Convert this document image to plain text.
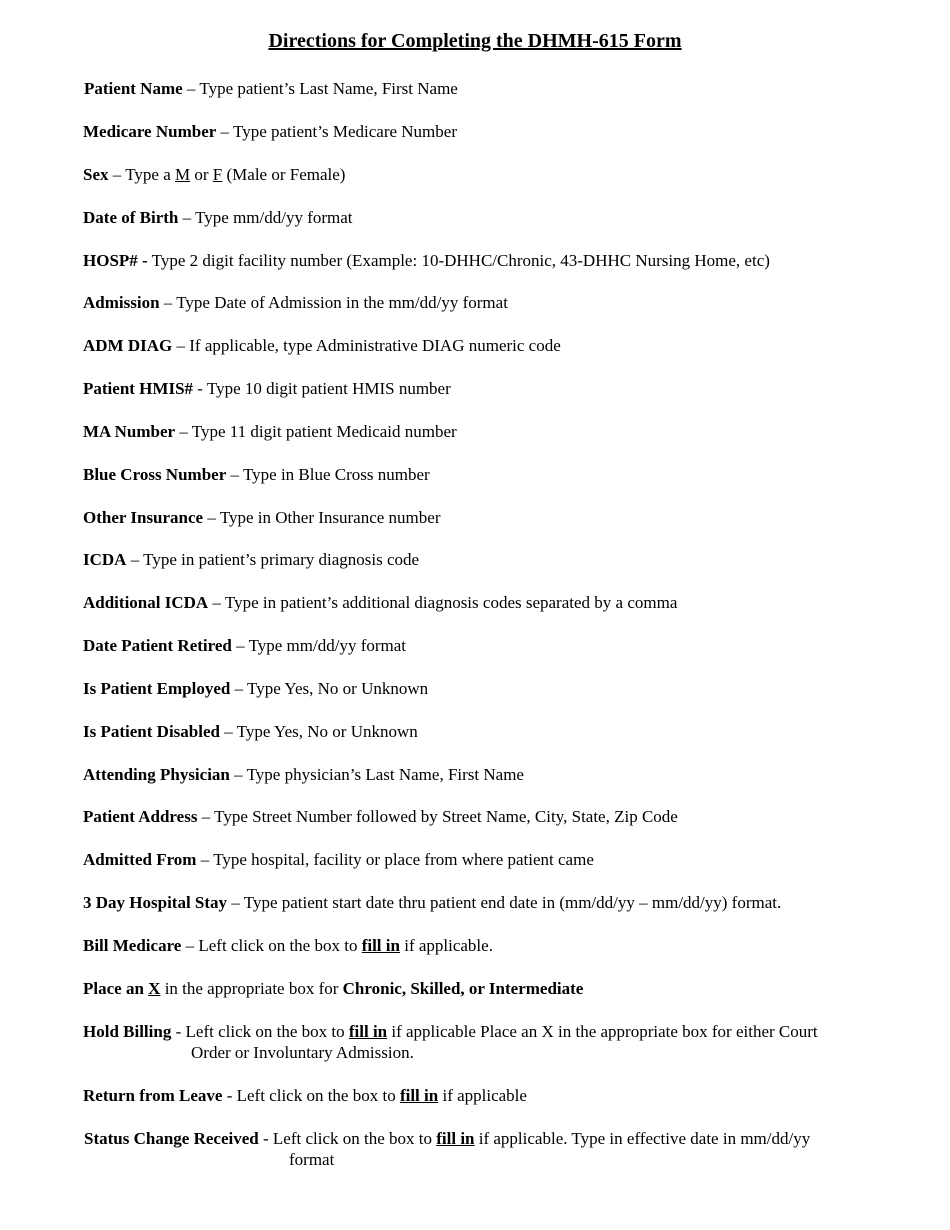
Directions for Completing the DHMH-615 Form

Patient Name – Type patient’s Last Name, First Name

Medicare Number – Type patient’s Medicare Number

Sex – Type a M or F (Male or Female)

Date of Birth – Type mm/dd/yy format

HOSP# - Type 2 digit facility number (Example: 10-DHHC/Chronic, 43-DHHC Nursing Home, etc)

Admission – Type Date of Admission in the mm/dd/yy format

ADM DIAG – If applicable, type Administrative DIAG numeric code

Patient HMIS# - Type 10 digit patient HMIS number

MA Number – Type 11 digit patient Medicaid number

Blue Cross Number – Type in Blue Cross number

Other Insurance – Type in Other Insurance number

ICDA – Type in patient’s primary diagnosis code

Additional ICDA – Type in patient’s additional diagnosis codes separated by a comma

Date Patient Retired – Type mm/dd/yy format

Is Patient Employed – Type Yes, No or Unknown

Is Patient Disabled – Type Yes, No or Unknown

Attending Physician – Type physician’s Last Name, First Name

Patient Address – Type Street Number followed by Street Name, City, State, Zip Code

Admitted From – Type hospital, facility or place from where patient came

3 Day Hospital Stay – Type patient start date thru patient end date in (mm/dd/yy – mm/dd/yy) format.

Bill Medicare – Left click on the box to fill in if applicable.

Place an X in the appropriate box for Chronic, Skilled, or Intermediate

Hold Billing - Left click on the box to fill in if applicable Place an X in the appropriate box for either Court

Order or Involuntary Admission.

Return from Leave - Left click on the box to fill in if applicable

Status Change Received - Left click on the box to fill in if applicable. Type in effective date in mm/dd/yy

format
